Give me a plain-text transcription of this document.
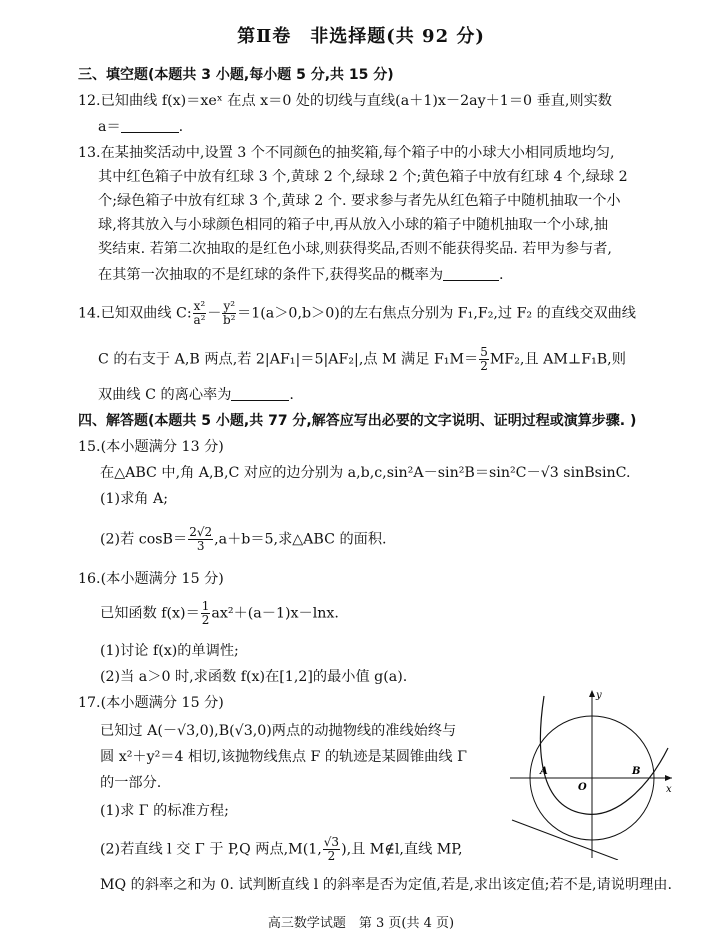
第Ⅱ卷　非选择题(共 92 分)
三、填空题(本题共 3 小题,每小题 5 分,共 15 分)
12.已知曲线 f(x)＝xeˣ 在点 x＝0 处的切线与直线(a＋1)x－2ay＋1＝0 垂直,则实数
a＝	.
13.在某抽奖活动中,设置 3 个不同颜色的抽奖箱,每个箱子中的小球大小相同质地均匀,
其中红色箱子中放有红球 3 个,黄球 2 个,绿球 2 个;黄色箱子中放有红球 4 个,绿球 2
个;绿色箱子中放有红球 3 个,黄球 2 个. 要求参与者先从红色箱子中随机抽取一个小
球,将其放入与小球颜色相同的箱子中,再从放入小球的箱子中随机抽取一个小球,抽
奖结束. 若第二次抽取的是红色小球,则获得奖品,否则不能获得奖品. 若甲为参与者,
在其第一次抽取的不是红球的条件下,获得奖品的概率为	.
14.已知双曲线 C: $\frac{\text{x²}}{\text{a²}} - \frac{\text{y²}}{\text{b²}} =1(a>0,b>0)$的左右焦点分别为 F₁,F₂,过 F₂ 的直线交双曲线
C 的右支于 A,B 两点,若 2|AF₁|＝5|AF₂|,点 M 满足 $F_1M= \frac{5}{2} MF_2$,且 AM⊥F₁B,则
双曲线 C 的离心率为	.
四、解答题(本题共 5 小题,共 77 分,解答应写出必要的文字说明、证明过程或演算步骤. )
15.(本小题满分 13 分)
在△ABC 中,角 A,B,C 对应的边分别为 a,b,c,sin²A－sin²B＝sin²C－√3 sinBsinC.
(1)求角 A;
(2)若 $\cos B= \frac{2√2}{3} ,a+b=5$,求△ABC 的面积.
16.(本小题满分 15 分)
已知函数 $f(x)= \frac{1}{2} ax^2+(a-1)x-\ln x$.
(1)讨论 f(x)的单调性;
(2)当 a＞0 时,求函数 f(x)在[1,2]的最小值 g(a).
17.(本小题满分 15 分)
已知过 A(－√3,0),B(√3,0)两点的动抛物线的准线始终与
圆 x²＋y²＝4 相切,该抛物线焦点 F 的轨迹是某圆锥曲线 Γ
的一部分.
(1)求 Γ 的标准方程;
(2)若直线 l 交 Γ 于 P,Q 两点,M(1, $\frac{√3}{2}$ ),且 M∉l,直线 MP,
MQ 的斜率之和为 0. 试判断直线 l 的斜率是否为定值,若是,求出该定值;若不是,请说明理由.
y
x
O
A	B
高三数学试题　第 3 页(共 4 页)
